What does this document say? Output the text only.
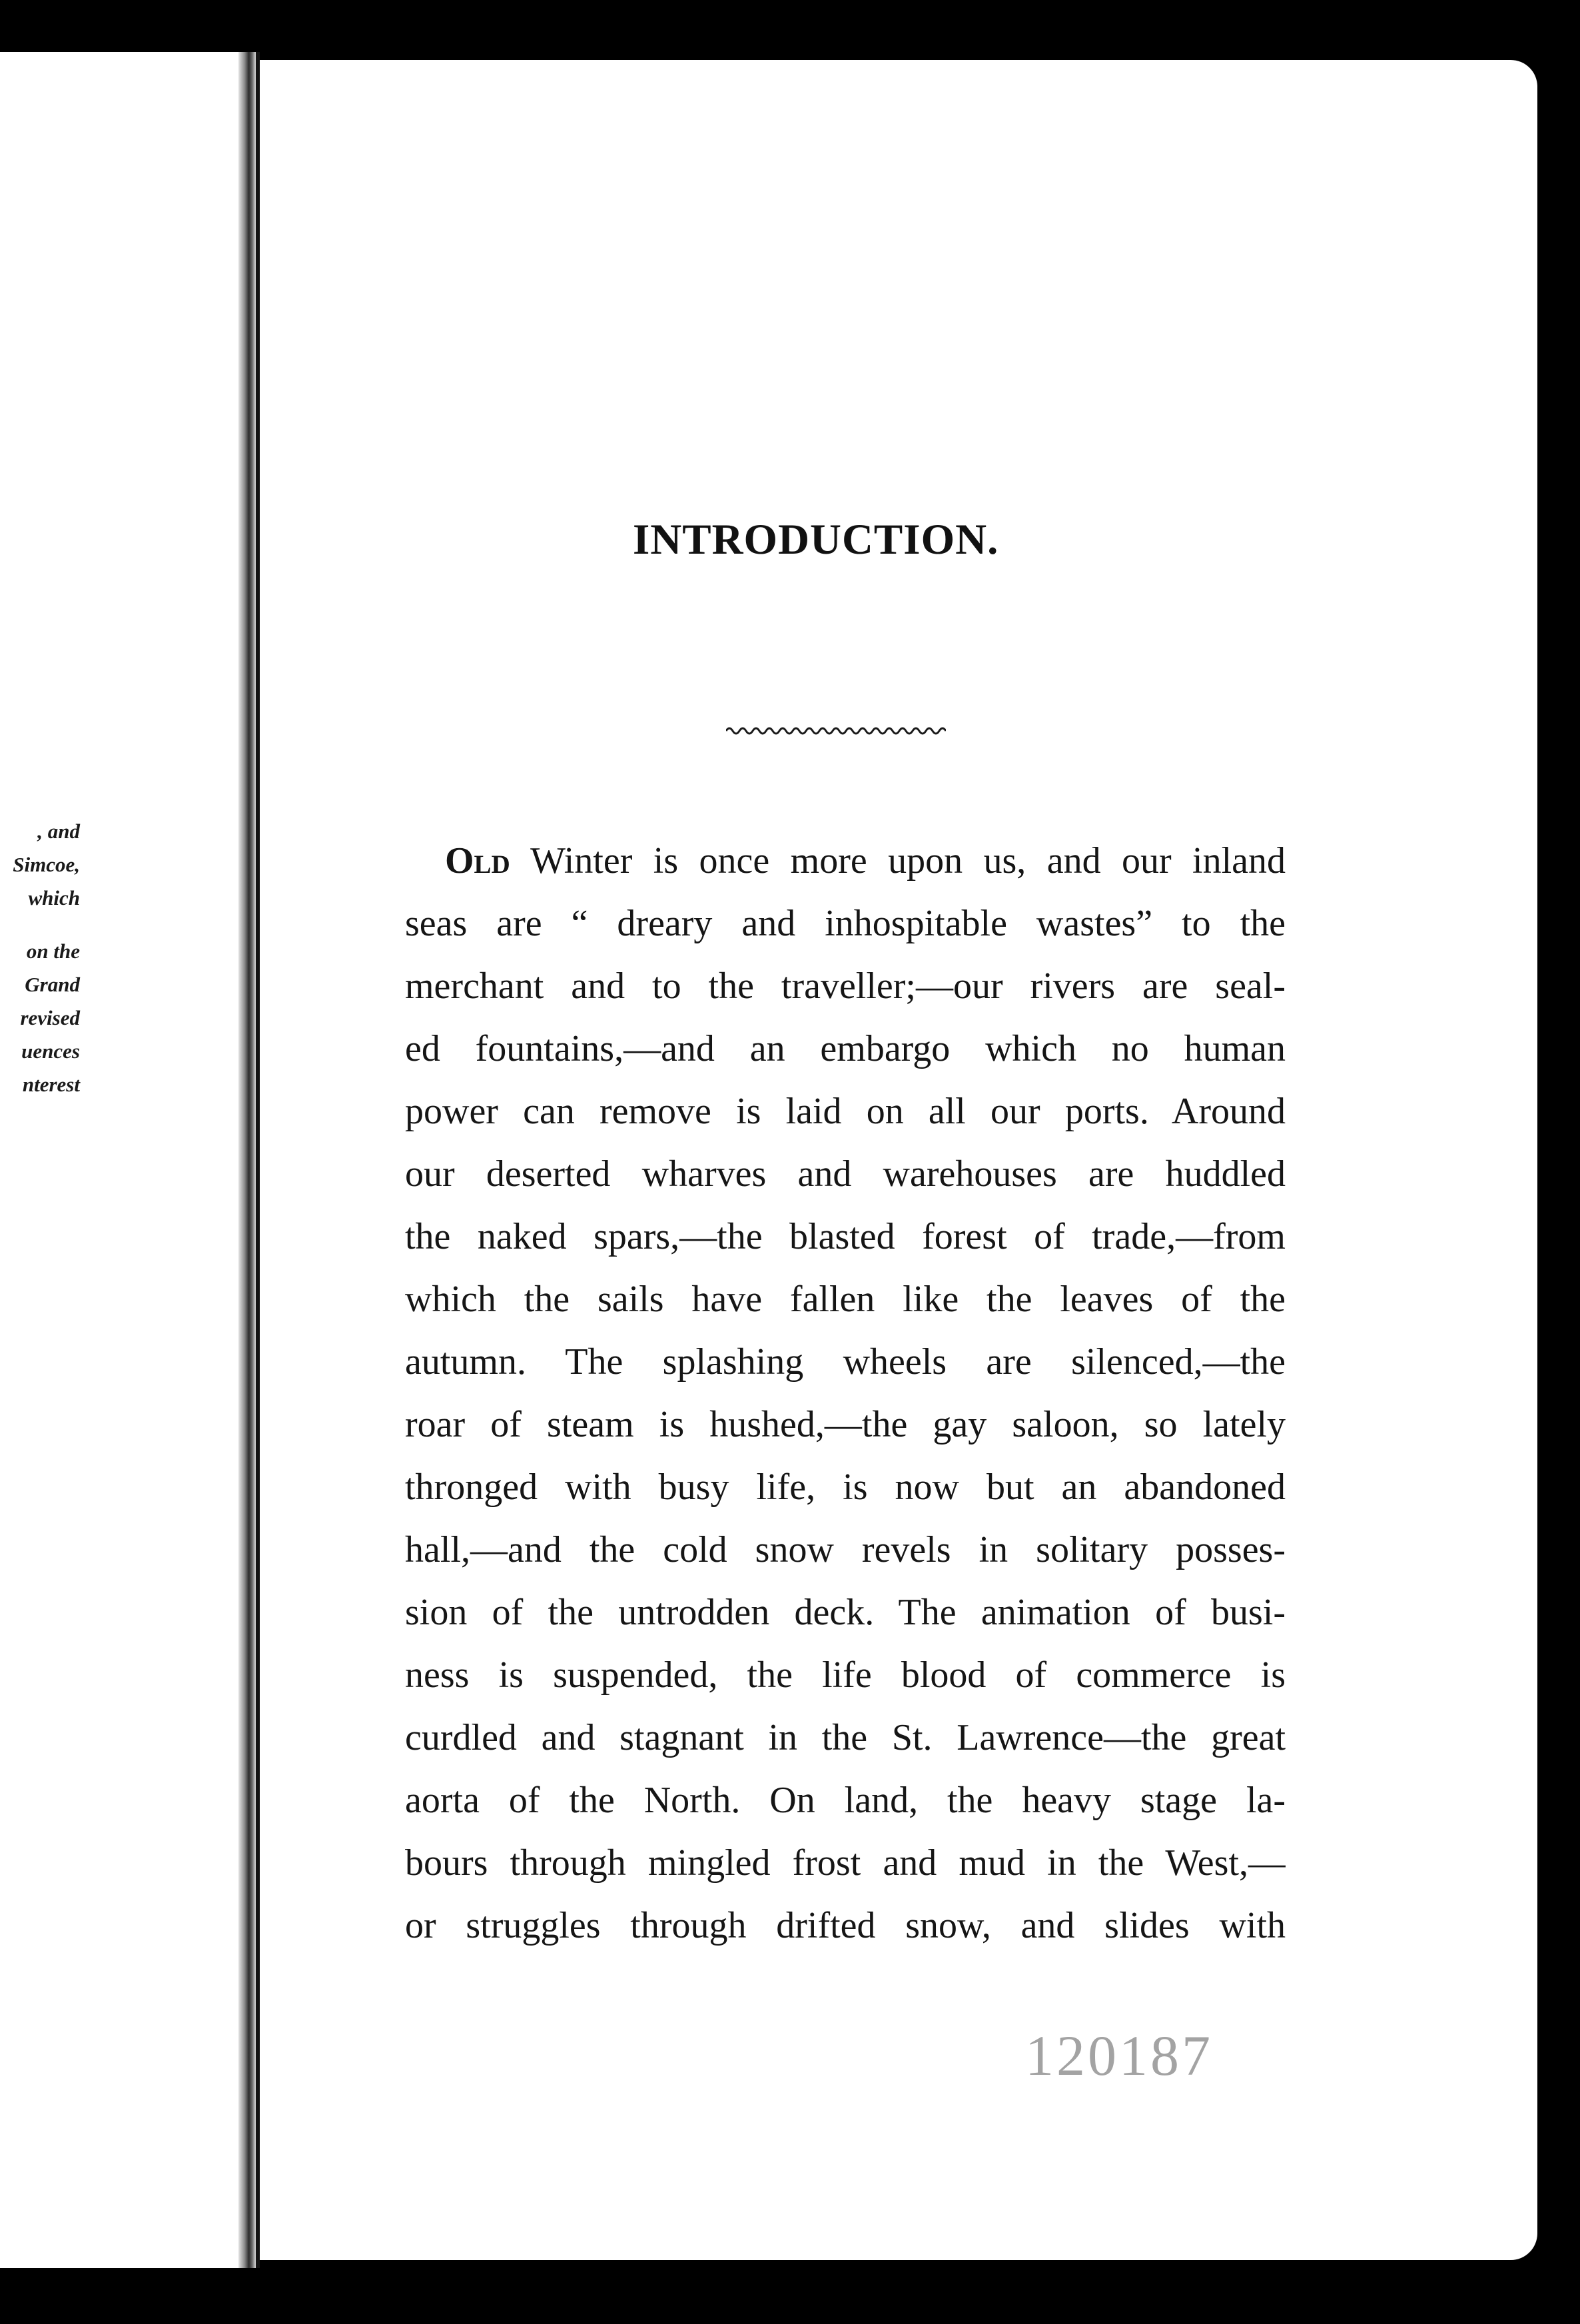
, and
Simcoe,
which
on the
Grand
revised
uences
nterest
INTRODUCTION.
Old Winter is once more upon us, and our inland
seas are “ dreary and inhospitable wastes” to the
merchant and to the traveller;—our rivers are seal-
ed fountains,—and an embargo which no human
power can remove is laid on all our ports. Around
our deserted wharves and warehouses are huddled
the naked spars,—the blasted forest of trade,—from
which the sails have fallen like the leaves of the
autumn. The splashing wheels are silenced,—the
roar of steam is hushed,—the gay saloon, so lately
thronged with busy life, is now but an abandoned
hall,—and the cold snow revels in solitary posses-
sion of the untrodden deck. The animation of busi-
ness is suspended, the life blood of commerce is
curdled and stagnant in the St. Lawrence—the great
aorta of the North. On land, the heavy stage la-
bours through mingled frost and mud in the West,—
or struggles through drifted snow, and slides with
120187
